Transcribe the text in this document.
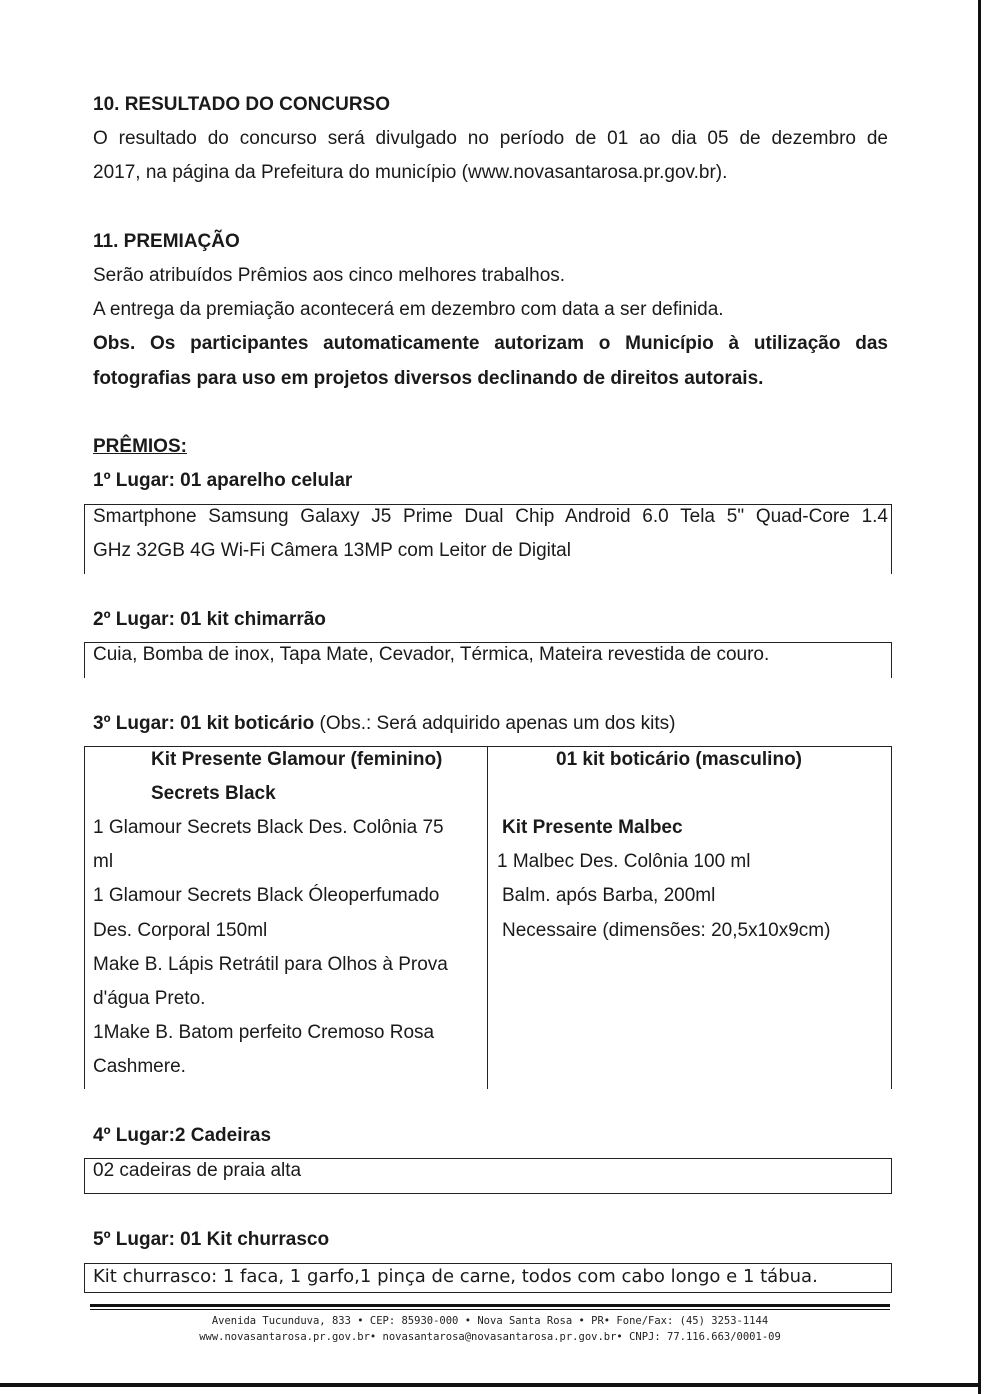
10. RESULTADO DO CONCURSO
O resultado do concurso será divulgado no período de 01 ao dia 05 de dezembro de
2017, na página da Prefeitura do município (www.novasantarosa.pr.gov.br).
11. PREMIAÇÃO
Serão atribuídos Prêmios aos cinco melhores trabalhos.
A entrega da premiação acontecerá em dezembro com data a ser definida.
Obs. Os participantes automaticamente autorizam o Município à utilização das
fotografias para uso em projetos diversos declinando de direitos autorais.
PRÊMIOS:
1º Lugar: 01 aparelho celular
Smartphone Samsung Galaxy J5 Prime Dual Chip Android 6.0 Tela 5" Quad-Core 1.4
GHz 32GB 4G Wi-Fi Câmera 13MP com Leitor de Digital
2º Lugar: 01 kit chimarrão
Cuia, Bomba de inox, Tapa Mate, Cevador, Térmica, Mateira revestida de couro.
3º Lugar: 01 kit boticário (Obs.: Será adquirido apenas um dos kits)
Kit Presente Glamour (feminino)
Secrets Black
1 Glamour Secrets Black Des. Colônia 75
ml
1 Glamour Secrets Black Óleoperfumado
Des. Corporal 150ml
Make B. Lápis Retrátil para Olhos à Prova
d'água Preto.
1Make B. Batom perfeito Cremoso Rosa
Cashmere.
01 kit boticário (masculino)
Kit Presente Malbec
1 Malbec Des. Colônia 100 ml
Balm. após Barba, 200ml
Necessaire (dimensões: 20,5x10x9cm)
4º Lugar:2 Cadeiras
02 cadeiras de praia alta
5º Lugar: 01 Kit churrasco
Kit churrasco: 1 faca, 1 garfo,1 pinça de carne, todos com cabo longo e 1 tábua.
Avenida Tucunduva, 833 • CEP: 85930-000 • Nova Santa Rosa • PR• Fone/Fax: (45) 3253-1144
www.novasantarosa.pr.gov.br• novasantarosa@novasantarosa.pr.gov.br• CNPJ: 77.116.663/0001-09
